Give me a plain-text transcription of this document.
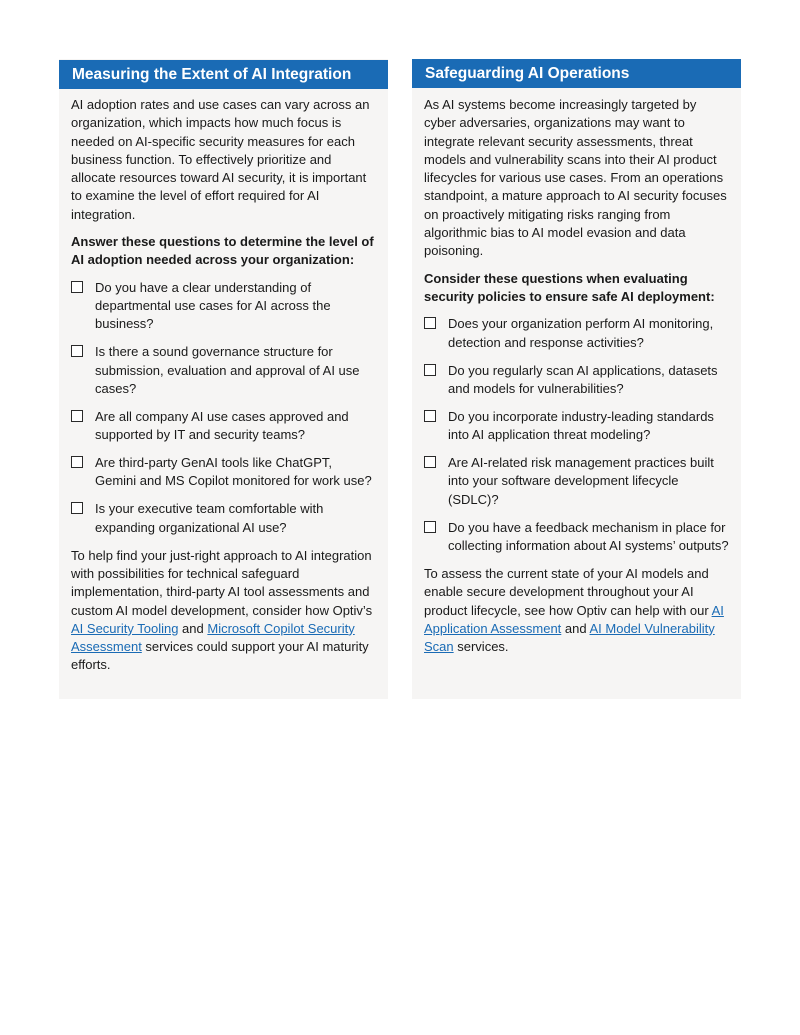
Measuring the Extent of AI Integration

AI adoption rates and use cases can vary across an organization, which impacts how much focus is needed on AI-specific security measures for each business function. To effectively prioritize and allocate resources toward AI security, it is important to examine the level of effort required for AI integration.

Answer these questions to determine the level of AI adoption needed across your organization:

Do you have a clear understanding of departmental use cases for AI across the business?
Is there a sound governance structure for submission, evaluation and approval of AI use cases?
Are all company AI use cases approved and supported by IT and security teams?
Are third-party GenAI tools like ChatGPT, Gemini and MS Copilot monitored for work use?
Is your executive team comfortable with expanding organizational AI use?

To help find your just-right approach to AI integration with possibilities for technical safeguard implementation, third-party AI tool assessments and custom AI model development, consider how Optiv’s AI Security Tooling and Microsoft Copilot Security Assessment services could support your AI maturity efforts.

Safeguarding AI Operations

As AI systems become increasingly targeted by cyber adversaries, organizations may want to integrate relevant security assessments, threat models and vulnerability scans into their AI product lifecycles for various use cases. From an operations standpoint, a mature approach to AI security focuses on proactively mitigating risks ranging from algorithmic bias to AI model evasion and data poisoning.

Consider these questions when evaluating security policies to ensure safe AI deployment:

Does your organization perform AI monitoring, detection and response activities?
Do you regularly scan AI applications, datasets and models for vulnerabilities?
Do you incorporate industry-leading standards into AI application threat modeling?
Are AI-related risk management practices built into your software development lifecycle (SDLC)?
Do you have a feedback mechanism in place for collecting information about AI systems’ outputs?

To assess the current state of your AI models and enable secure development throughout your AI product lifecycle, see how Optiv can help with our AI Application Assessment and AI Model Vulnerability Scan services.
